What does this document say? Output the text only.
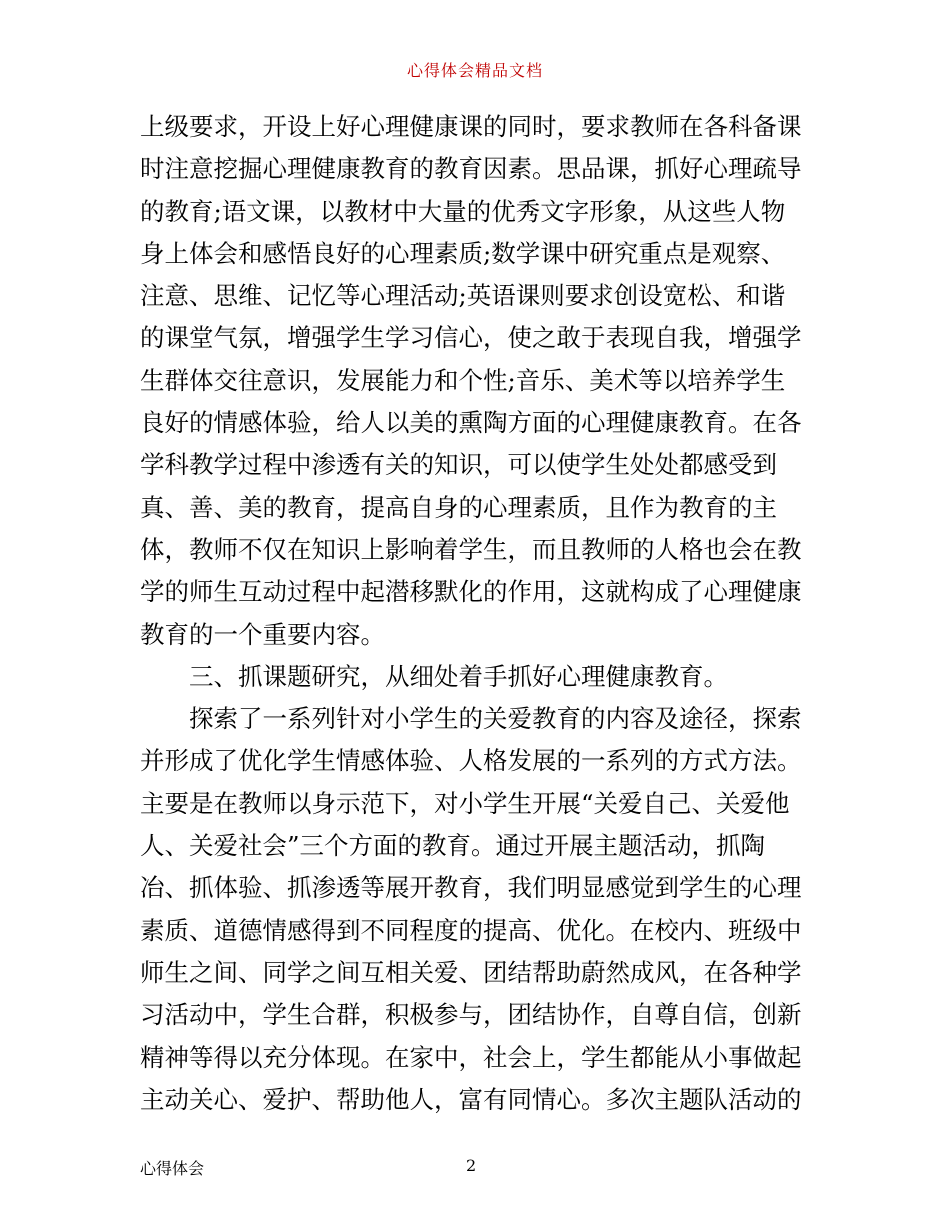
心得体会精品文档
上级要求，开设上好心理健康课的同时，要求教师在各科备课
时注意挖掘心理健康教育的教育因素。思品课，抓好心理疏导
的教育;语文课，以教材中大量的优秀文字形象，从这些人物
身上体会和感悟良好的心理素质;数学课中研究重点是观察、
注意、思维、记忆等心理活动;英语课则要求创设宽松、和谐
的课堂气氛，增强学生学习信心，使之敢于表现自我，增强学
生群体交往意识，发展能力和个性;音乐、美术等以培养学生
良好的情感体验，给人以美的熏陶方面的心理健康教育。在各
学科教学过程中渗透有关的知识，可以使学生处处都感受到
真、善、美的教育，提高自身的心理素质，且作为教育的主
体，教师不仅在知识上影响着学生，而且教师的人格也会在教
学的师生互动过程中起潜移默化的作用，这就构成了心理健康
教育的一个重要内容。
三、抓课题研究，从细处着手抓好心理健康教育。
探索了一系列针对小学生的关爱教育的内容及途径，探索
并形成了优化学生情感体验、人格发展的一系列的方式方法。
主要是在教师以身示范下，对小学生开展“关爱自己、关爱他
人、关爱社会”三个方面的教育。通过开展主题活动，抓陶
冶、抓体验、抓渗透等展开教育，我们明显感觉到学生的心理
素质、道德情感得到不同程度的提高、优化。在校内、班级中
师生之间、同学之间互相关爱、团结帮助蔚然成风，在各种学
习活动中，学生合群，积极参与，团结协作，自尊自信，创新
精神等得以充分体现。在家中，社会上，学生都能从小事做起
主动关心、爱护、帮助他人，富有同情心。多次主题队活动的
心得体会	2
